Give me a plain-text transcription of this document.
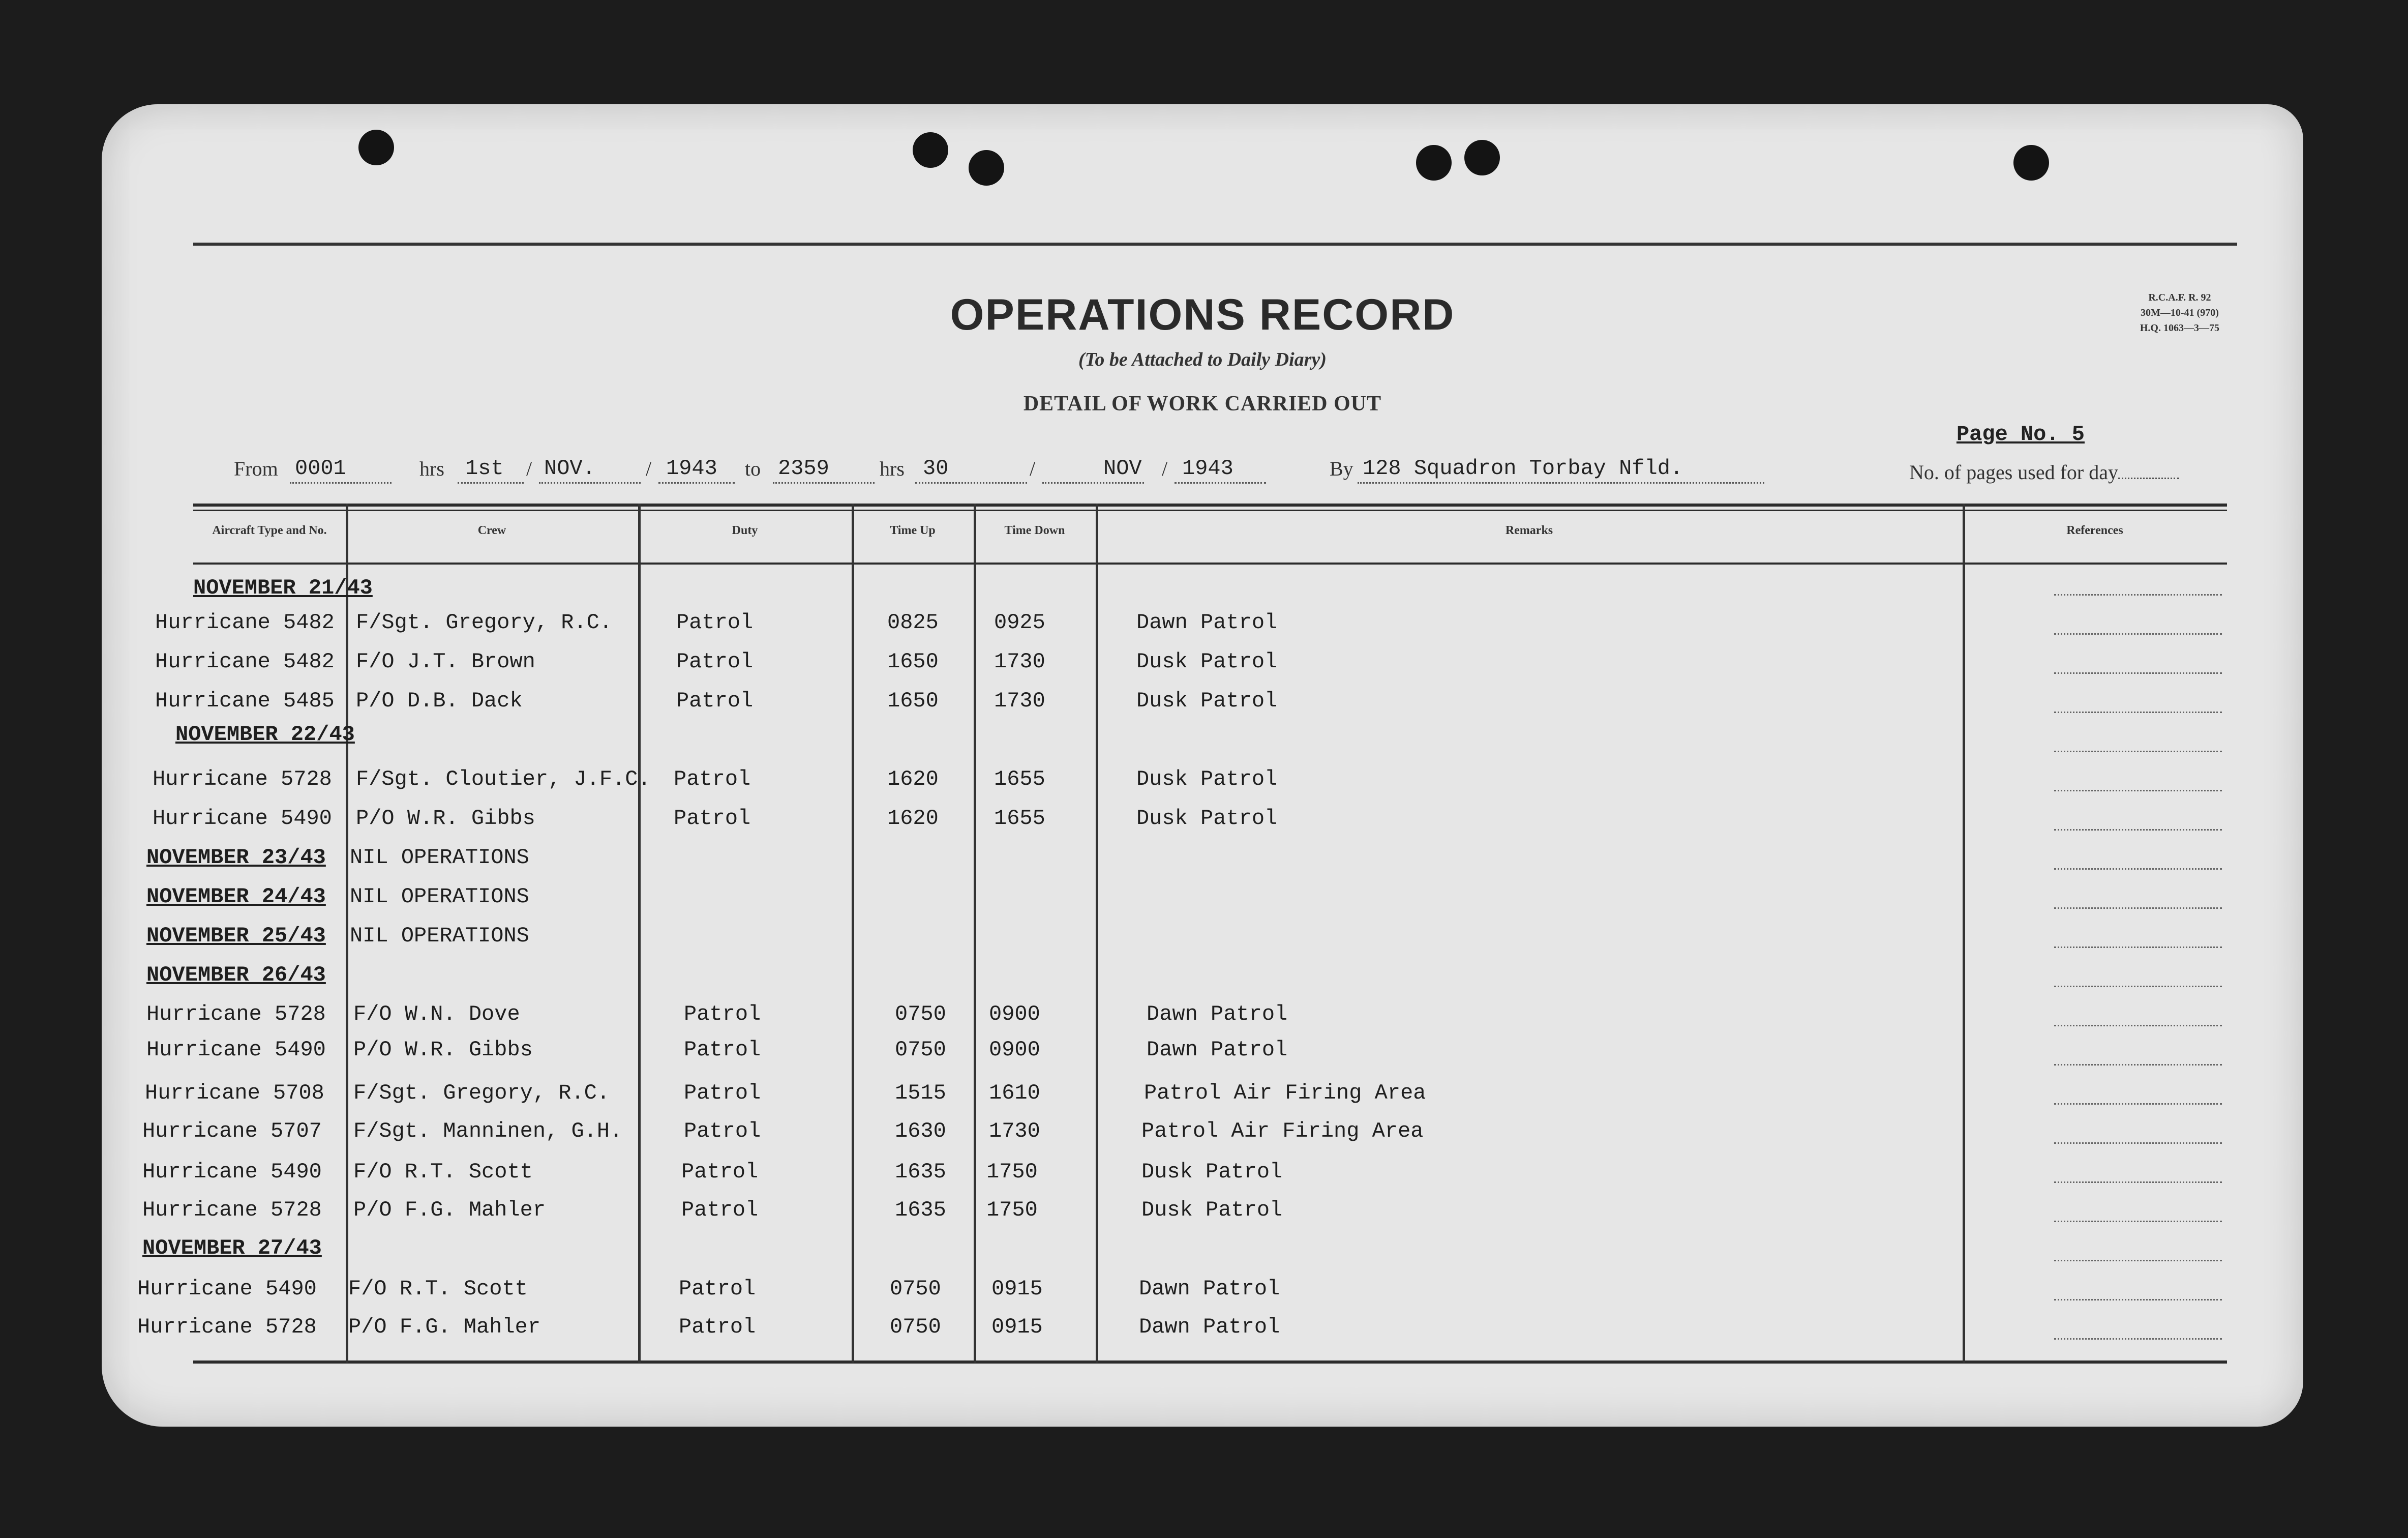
OPERATIONS RECORD
(To be Attached to Daily Diary)
DETAIL OF WORK CARRIED OUT
R.C.A.F. R. 92
30M—10-41 (970)
H.Q. 1063—3—75
From 0001	hrs 1st / NOV. / 1943 to 2359 hrs 30	/	NOV / 1943	By 128 Squadron Torbay Nfld.
Page No. 5
No. of pages used for day
Aircraft Type and No.	Crew	Duty	Time Up	Time Down	Remarks	References
NOVEMBER 21/43
Hurricane 5482 F/Sgt. Gregory, R.C.	Patrol	0825	0925	Dawn Patrol
Hurricane 5482 F/O J.T. Brown	Patrol	1650	1730	Dusk Patrol
Hurricane 5485 P/O D.B. Dack	Patrol	1650	1730	Dusk Patrol
NOVEMBER 22/43
Hurricane 5728 F/Sgt. Cloutier, J.F.C. Patrol	1620	1655	Dusk Patrol
Hurricane 5490 P/O W.R. Gibbs	Patrol	1620	1655	Dusk Patrol
NOVEMBER 23/43 NIL OPERATIONS
NOVEMBER 24/43 NIL OPERATIONS
NOVEMBER 25/43 NIL OPERATIONS
NOVEMBER 26/43
Hurricane 5728 F/O W.N. Dove	Patrol	0750 0900	Dawn Patrol
Hurricane 5490 P/O W.R. Gibbs	Patrol	0750 0900	Dawn Patrol
Hurricane 5708 F/Sgt. Gregory, R.C.	Patrol	1515 1610	Patrol Air Firing Area
Hurricane 5707 F/Sgt. Manninen, G.H.	Patrol	1630 1730	Patrol Air Firing Area
Hurricane 5490 F/O R.T. Scott	Patrol	1635 1750	Dusk Patrol
Hurricane 5728 P/O F.G. Mahler	Patrol	1635 1750	Dusk Patrol
NOVEMBER 27/43
Hurricane 5490 F/O R.T. Scott	Patrol	0750 0915	Dawn Patrol
Hurricane 5728 P/O F.G. Mahler	Patrol	0750 0915	Dawn Patrol
